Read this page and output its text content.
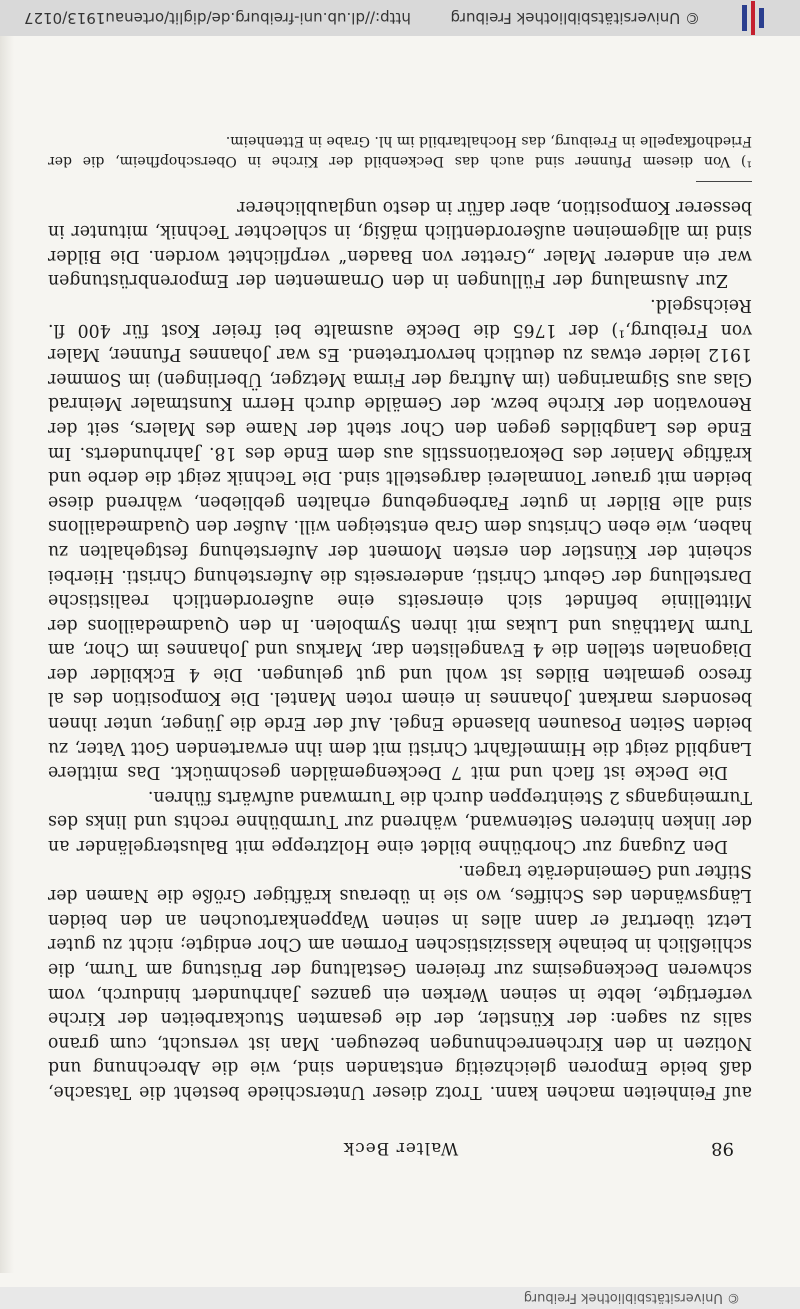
© Universitätsbibliothek Freiburg
98
Walter Beck

auf Feinheiten machen kann. Trotz dieser Unterschiede besteht die Tatsache, daß beide Emporen gleichzeitig entstanden sind, wie die Abrechnung und Notizen in den Kirchenrechnungen bezeugen. Man ist versucht, cum grano salis zu sagen: der Künstler, der die gesamten Stuckarbeiten der Kirche verfertigte, lebte in seinen Werken ein ganzes Jahrhundert hindurch, vom schweren Deckengesims zur freieren Gestaltung der Brüstung am Turm, die schließlich in beinahe klassizistischen Formen am Chor endigte; nicht zu guter Letzt übertraf er dann alles in seinen Wappenkartouchen an den beiden Längswänden des Schiffes, wo sie in überaus kräftiger Größe die Namen der Stifter und Gemeinderäte tragen.

Den Zugang zur Chorbühne bildet eine Holztreppe mit Balustergeländer an der linken hinteren Seitenwand, während zur Turmbühne rechts und links des Turmeingangs 2 Steintreppen durch die Turmwand aufwärts führen.

Die Decke ist flach und mit 7 Deckengemälden geschmückt. Das mittlere Langbild zeigt die Himmelfahrt Christi mit dem ihn erwartenden Gott Vater, zu beiden Seiten Posaunen blasende Engel. Auf der Erde die Jünger, unter ihnen besonders markant Johannes in einem roten Mantel. Die Komposition des al fresco gemalten Bildes ist wohl und gut gelungen. Die 4 Eckbilder der Diagonalen stellen die 4 Evangelisten dar, Markus und Johannes im Chor, am Turm Matthäus und Lukas mit ihren Symbolen. In den Quadmedaillons der Mittellinie befindet sich einerseits eine außerordentlich realistische Darstellung der Geburt Christi, andererseits die Auferstehung Christi. Hierbei scheint der Künstler den ersten Moment der Auferstehung festgehalten zu haben, wie eben Christus dem Grab entsteigen will. Außer den Quadmedaillons sind alle Bilder in guter Farbengebung erhalten geblieben, während diese beiden mit grauer Tonmalerei dargestellt sind. Die Technik zeigt die derbe und kräftige Manier des Dekorationsstils aus dem Ende des 18. Jahrhunderts. Im Ende des Langbildes gegen den Chor steht der Name des Malers, seit der Renovation der Kirche bezw. der Gemälde durch Herrn Kunstmaler Meinrad Glas aus Sigmaringen (im Auftrag der Firma Metzger, Überlingen) im Sommer 1912 leider etwas zu deutlich hervortretend. Es war Johannes Pfunner, Maler von Freiburg,¹) der 1765 die Decke ausmalte bei freier Kost für 400 fl. Reichsgeld.

Zur Ausmalung der Füllungen in den Ornamenten der Emporenbrüstungen war ein anderer Maler „Gretter von Baaden“ verpflichtet worden. Die Bilder sind im allgemeinen außerordentlich mäßig, in schlechter Technik, mitunter in besserer Komposition, aber dafür in desto unglaublicherer

¹) Von diesem Pfunner sind auch das Deckenbild der Kirche in Oberschopfheim, die der Friedhofkapelle in Freiburg, das Hochaltarbild im hl. Grabe in Ettenheim.

© Universitätsbibliothek Freiburg
http://dl.ub.uni-freiburg.de/diglit/ortenau1913/0127
